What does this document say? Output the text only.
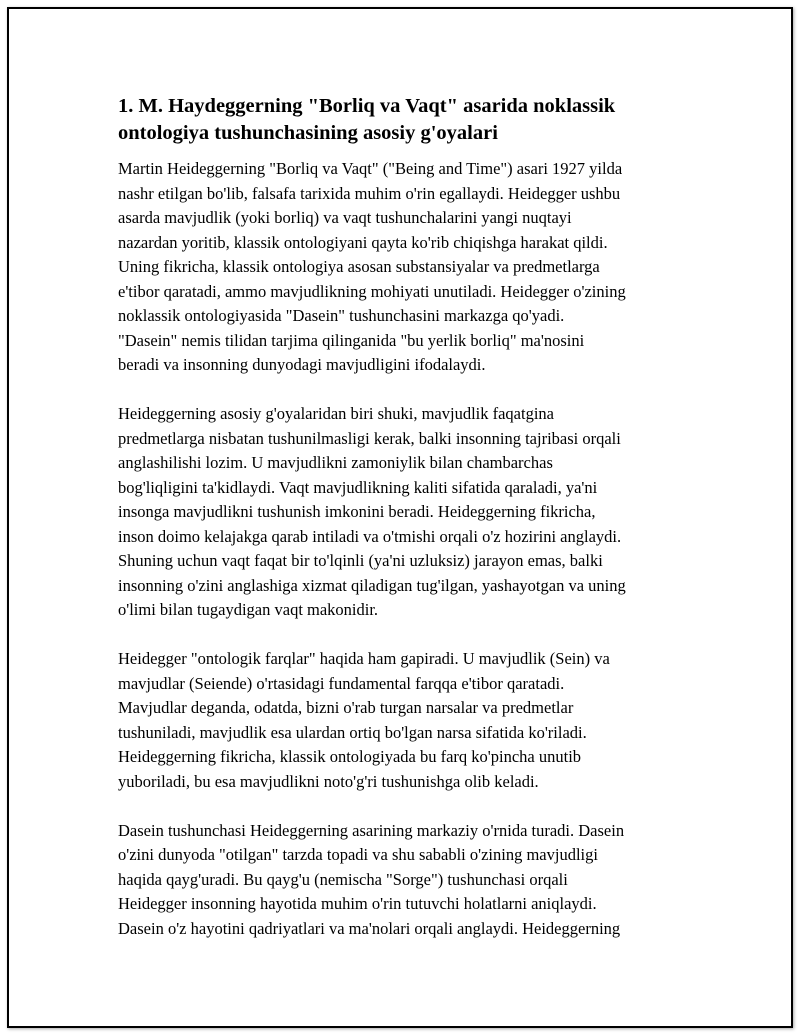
1. M. Haydeggerning "Borliq va Vaqt" asarida noklassik
ontologiya tushunchasining asosiy g'oyalari

Martin Heideggerning "Borliq va Vaqt" ("Being and Time") asari 1927 yilda
nashr etilgan bo'lib, falsafa tarixida muhim o'rin egallaydi. Heidegger ushbu
asarda mavjudlik (yoki borliq) va vaqt tushunchalarini yangi nuqtayi
nazardan yoritib, klassik ontologiyani qayta ko'rib chiqishga harakat qildi.
Uning fikricha, klassik ontologiya asosan substansiyalar va predmetlarga
e'tibor qaratadi, ammo mavjudlikning mohiyati unutiladi. Heidegger o'zining
noklassik ontologiyasida "Dasein" tushunchasini markazga qo'yadi.
"Dasein" nemis tilidan tarjima qilinganida "bu yerlik borliq" ma'nosini
beradi va insonning dunyodagi mavjudligini ifodalaydi.

Heideggerning asosiy g'oyalaridan biri shuki, mavjudlik faqatgina
predmetlarga nisbatan tushunilmasligi kerak, balki insonning tajribasi orqali
anglashilishi lozim. U mavjudlikni zamoniylik bilan chambarchas
bog'liqligini ta'kidlaydi. Vaqt mavjudlikning kaliti sifatida qaraladi, ya'ni
insonga mavjudlikni tushunish imkonini beradi. Heideggerning fikricha,
inson doimo kelajakga qarab intiladi va o'tmishi orqali o'z hozirini anglaydi.
Shuning uchun vaqt faqat bir to'lqinli (ya'ni uzluksiz) jarayon emas, balki
insonning o'zini anglashiga xizmat qiladigan tug'ilgan, yashayotgan va uning
o'limi bilan tugaydigan vaqt makonidir.

Heidegger "ontologik farqlar" haqida ham gapiradi. U mavjudlik (Sein) va
mavjudlar (Seiende) o'rtasidagi fundamental farqqa e'tibor qaratadi.
Mavjudlar deganda, odatda, bizni o'rab turgan narsalar va predmetlar
tushuniladi, mavjudlik esa ulardan ortiq bo'lgan narsa sifatida ko'riladi.
Heideggerning fikricha, klassik ontologiyada bu farq ko'pincha unutib
yuboriladi, bu esa mavjudlikni noto'g'ri tushunishga olib keladi.

Dasein tushunchasi Heideggerning asarining markaziy o'rnida turadi. Dasein
o'zini dunyoda "otilgan" tarzda topadi va shu sababli o'zining mavjudligi
haqida qayg'uradi. Bu qayg'u (nemischa "Sorge") tushunchasi orqali
Heidegger insonning hayotida muhim o'rin tutuvchi holatlarni aniqlaydi.
Dasein o'z hayotini qadriyatlari va ma'nolari orqali anglaydi. Heideggerning
